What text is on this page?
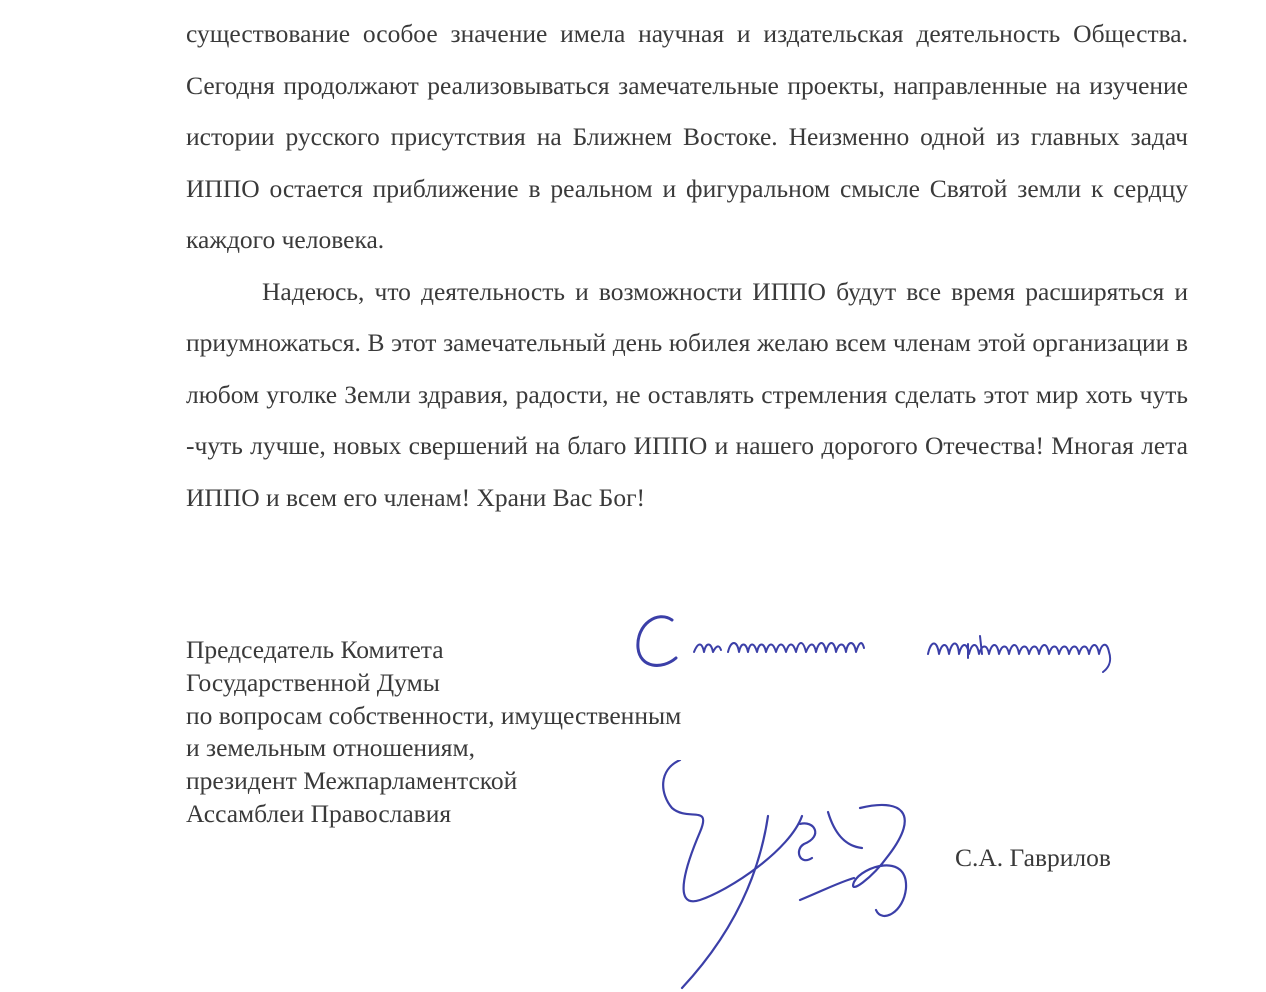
существование особое значение имела научная и издательская деятельность Общества. Сегодня продолжают реализовываться замечательные проекты, направленные на изучение истории русского присутствия на Ближнем Востоке. Неизменно одной из главных задач ИППО остается приближение в реальном и фигуральном смысле Святой земли к сердцу каждого человека.

Надеюсь, что деятельность и возможности ИППО будут все время расширяться и приумножаться. В этот замечательный день юбилея желаю всем членам этой организации в любом уголке Земли здравия, радости, не оставлять стремления сделать этот мир хоть чуть -чуть лучше, новых свершений на благо ИППО и нашего дорогого Отечества! Многая лета ИППО и всем его членам! Храни Вас Бог!

Председатель Комитета
Государственной Думы
по вопросам собственности, имущественным
и земельным отношениям,
президент Межпарламентской
Ассамблеи Православия
С.А. Гаврилов
